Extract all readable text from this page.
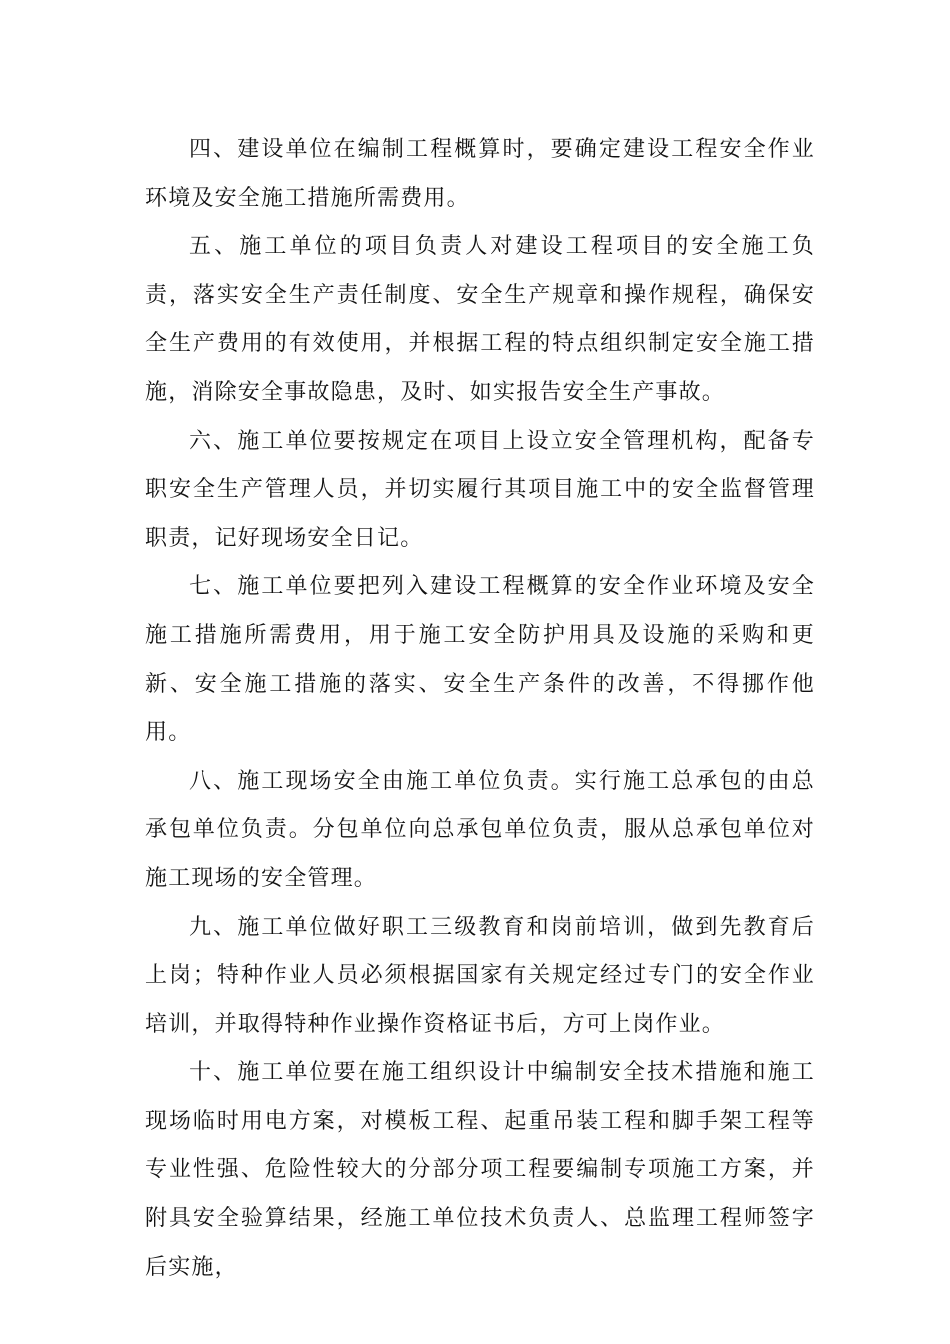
四、建设单位在编制工程概算时，要确定建设工程安全作业环境及安全施工措施所需费用。

五、施工单位的项目负责人对建设工程项目的安全施工负责，落实安全生产责任制度、安全生产规章和操作规程，确保安全生产费用的有效使用，并根据工程的特点组织制定安全施工措施，消除安全事故隐患，及时、如实报告安全生产事故。

六、施工单位要按规定在项目上设立安全管理机构，配备专职安全生产管理人员，并切实履行其项目施工中的安全监督管理职责，记好现场安全日记。

七、施工单位要把列入建设工程概算的安全作业环境及安全施工措施所需费用，用于施工安全防护用具及设施的采购和更新、安全施工措施的落实、安全生产条件的改善，不得挪作他用。

八、施工现场安全由施工单位负责。实行施工总承包的由总承包单位负责。分包单位向总承包单位负责，服从总承包单位对施工现场的安全管理。

九、施工单位做好职工三级教育和岗前培训，做到先教育后上岗；特种作业人员必须根据国家有关规定经过专门的安全作业培训，并取得特种作业操作资格证书后，方可上岗作业。

十、施工单位要在施工组织设计中编制安全技术措施和施工现场临时用电方案，对模板工程、起重吊装工程和脚手架工程等专业性强、危险性较大的分部分项工程要编制专项施工方案，并附具安全验算结果，经施工单位技术负责人、总监理工程师签字后实施，
